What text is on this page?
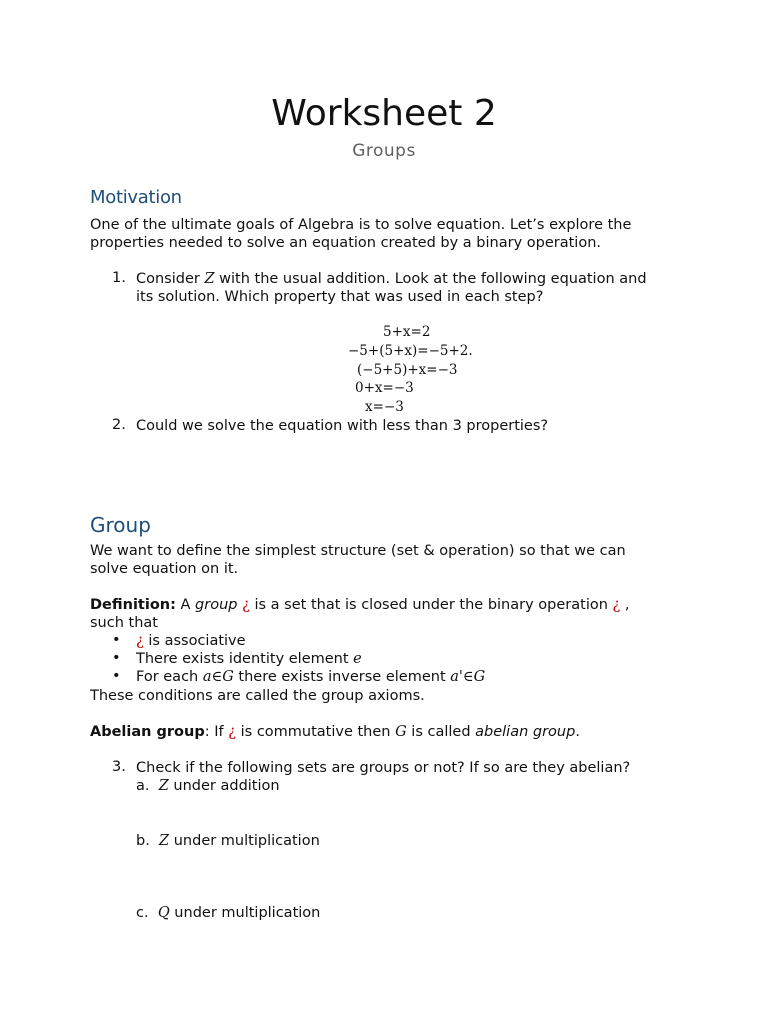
Worksheet 2
Groups
Motivation
One of the ultimate goals of Algebra is to solve equation. Let’s explore the
properties needed to solve an equation created by a binary operation.
1. Consider Z with the usual addition. Look at the following equation and
its solution. Which property that was used in each step?
5+x=2
−5+(5+x)=−5+2.
(−5+5)+x=−3
0+x=−3
x=−3
2. Could we solve the equation with less than 3 properties?
Group
We want to define the simplest structure (set & operation) so that we can
solve equation on it.
Definition: A group ¿ is a set that is closed under the binary operation ¿ ,
such that
• ¿ is associative
• There exists identity element e
• For each a∈G there exists inverse element a'∈G
These conditions are called the group axioms.
Abelian group: If ¿ is commutative then G is called abelian group.
3. Check if the following sets are groups or not? If so are they abelian?
a. Z under addition
b. Z under multiplication
c. Q under multiplication
